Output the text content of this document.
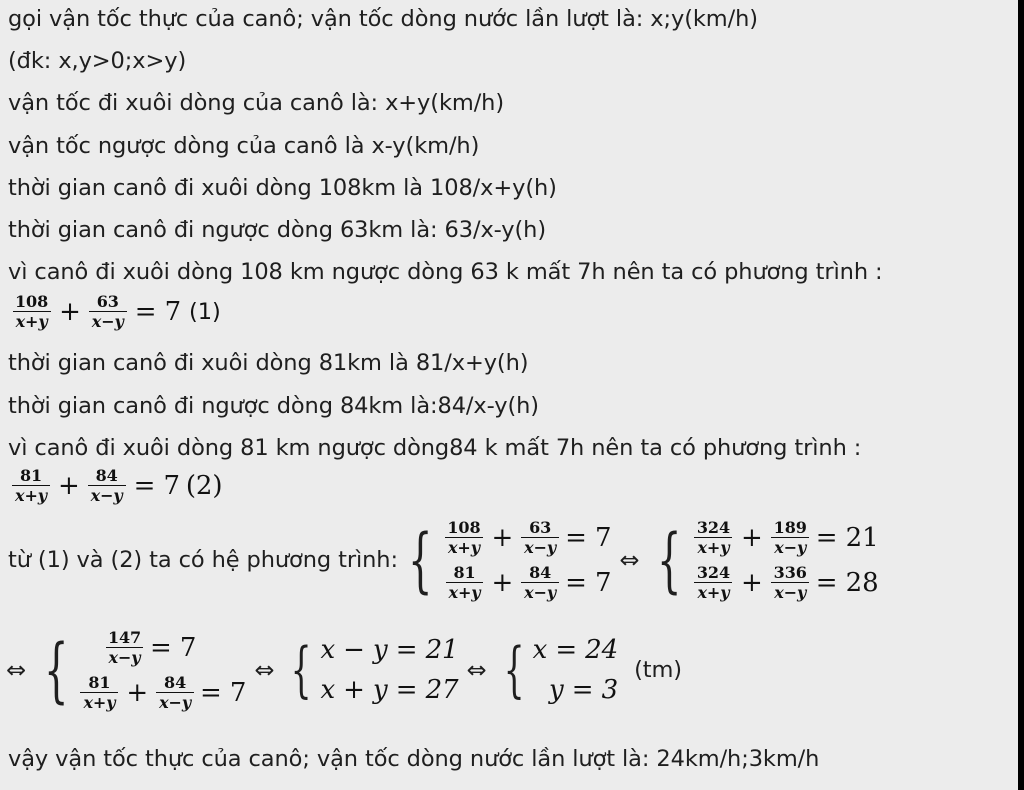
gọi vận tốc thực của canô; vận tốc dòng nước lần lượt là: x;y(km/h)
(đk: x,y>0;x>y)
vận tốc đi xuôi dòng của canô là: x+y(km/h)
vận tốc ngược dòng của canô là x-y(km/h)
thời gian canô đi xuôi dòng 108km là 108/x+y(h)
thời gian canô đi ngược dòng 63km là: 63/x-y(h)
vì canô đi xuôi dòng 108 km ngược dòng 63 k mất 7h nên ta có phương trình :
$\frac{108}{x+y} + \frac{63}{x-y} = 7$ (1)
thời gian canô đi xuôi dòng 81km là 81/x+y(h)
thời gian canô đi ngược dòng 84km là:84/x-y(h)
vì canô đi xuôi dòng 81 km ngược dòng84 k mất 7h nên ta có phương trình :
$\frac{81}{x+y} + \frac{84}{x-y} = 7$ (2)
từ (1) và (2) ta có hệ phương trình: { $\frac{108}{x+y} + \frac{63}{x-y} = 7$
$\frac{81}{x+y} + \frac{84}{x-y} = 7$
⇔ { $\frac{324}{x+y} + \frac{189}{x-y} = 21$
$\frac{324}{x+y} + \frac{336}{x-y} = 28$
⇔ { $\frac{147}{x-y} = 7$
$\frac{81}{x+y} + \frac{84}{x-y} = 7$
⇔ { x − y = 21
x + y = 27
⇔ { x = 24
y = 3
(tm)
vậy vận tốc thực của canô; vận tốc dòng nước lần lượt là: 24km/h;3km/h
